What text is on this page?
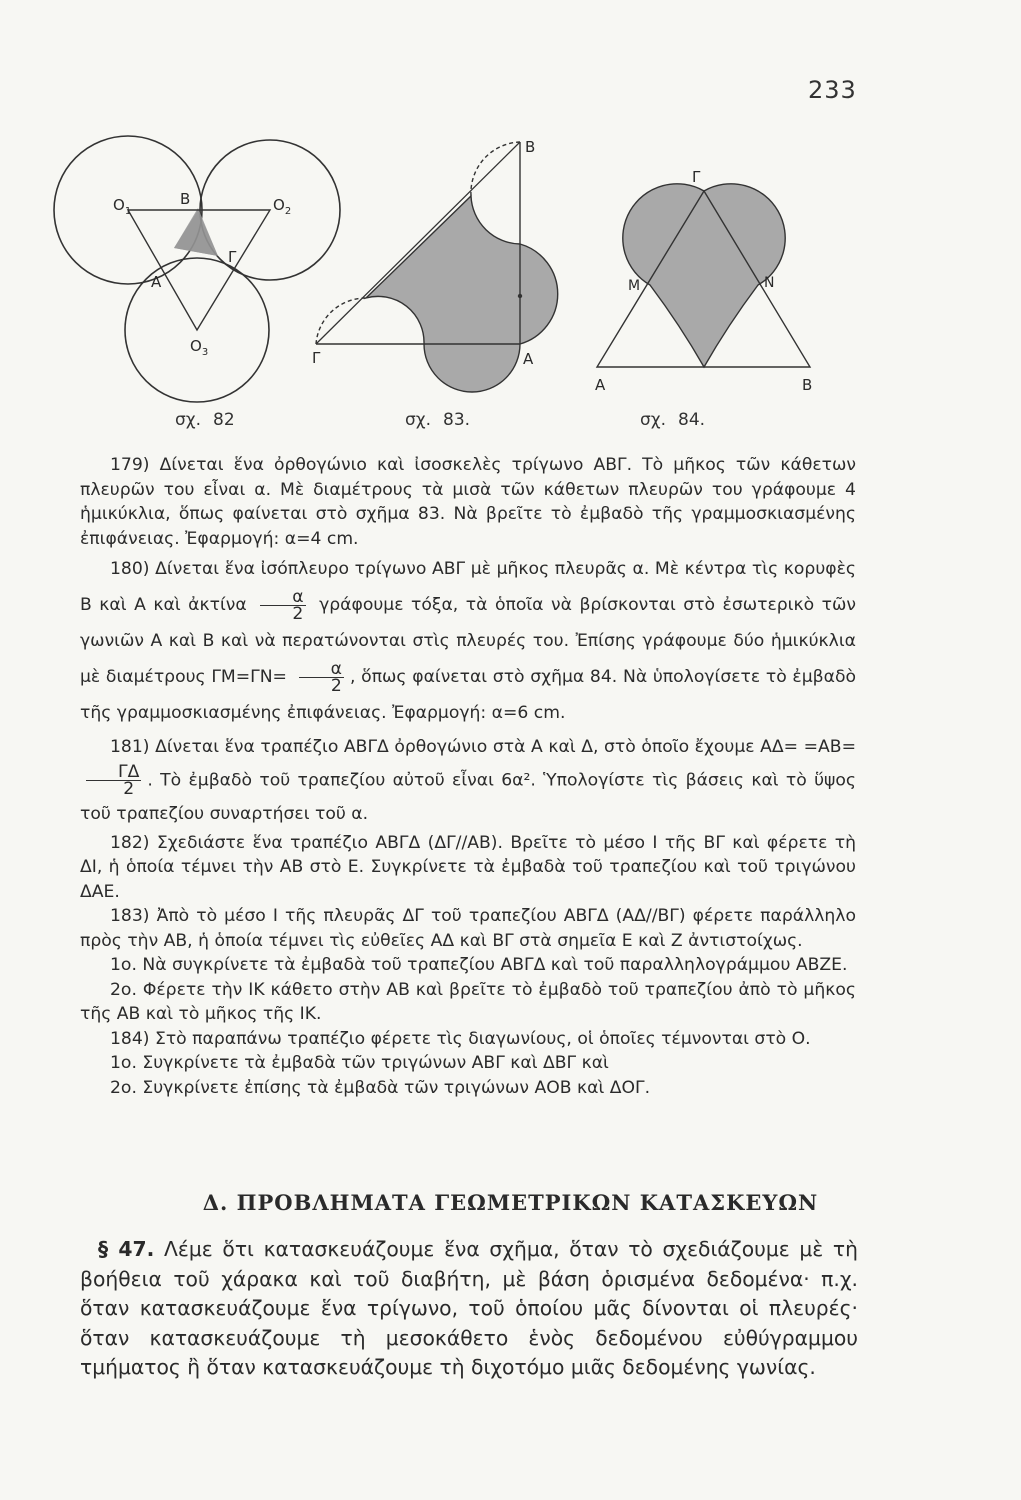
233
$O_1$	$O_2$
$O_3$
A
B
Γ
σχ. 82
B
Γ	A
σχ. 83.
Γ
M	N
A	B
σχ. 84.

179) Δίνεται ἕνα ὀρθογώνιο καὶ ἰσοσκελὲς τρίγωνο ΑΒΓ. Τὸ μῆκος τῶν κάθετων πλευρῶν του εἶναι α. Μὲ διαμέτρους τὰ μισὰ τῶν κάθετων πλευρῶν του γράφουμε 4 ἡμικύκλια, ὅπως φαίνεται στὸ σχῆμα 83. Νὰ βρεῖτε τὸ ἐμβαδὸ τῆς γραμμοσκιασμένης ἐπιφάνειας. Ἐφαρμογή: α=4 cm.

180) Δίνεται ἕνα ἰσόπλευρο τρίγωνο ΑΒΓ μὲ μῆκος πλευρᾶς α. Μὲ κέντρα τὶς κορυφὲς Β καὶ Α καὶ ἀκτίνα $\frac{\alpha}{2}$ γράφουμε τόξα, τὰ ὁποῖα νὰ βρίσκονται στὸ ἐσωτερικὸ τῶν γωνιῶν Α καὶ Β καὶ νὰ περατώνονται στὶς πλευρές του. Ἐπίσης γράφουμε δύο ἡμικύκλια μὲ διαμέτρους $\Gamma M=\Gamma N= \frac{\alpha}{2}$ , ὅπως φαίνεται στὸ σχῆμα 84. Νὰ ὑπολογίσετε τὸ ἐμβαδὸ τῆς γραμμοσκιασμένης ἐπιφάνειας. Ἐφαρμογή: α=6 cm.

181) Δίνεται ἕνα τραπέζιο ΑΒΓΔ ὀρθογώνιο στὰ Α καὶ Δ, στὸ ὁποῖο ἔχουμε ΑΔ= =ΑΒ=
$\frac{\Gamma\Delta}{2}$ . Τὸ ἐμβαδὸ τοῦ τραπεζίου αὐτοῦ εἶναι 6α². Ὑπολογίστε τὶς βάσεις καὶ τὸ ὕψος τοῦ τραπεζίου συναρτήσει τοῦ α.

182) Σχεδιάστε ἕνα τραπέζιο ΑΒΓΔ (ΔΓ//ΑΒ). Βρεῖτε τὸ μέσο Ι τῆς ΒΓ καὶ φέρετε τὴ ΔΙ, ἡ ὁποία τέμνει τὴν ΑΒ στὸ Ε. Συγκρίνετε τὰ ἐμβαδὰ τοῦ τραπεζίου καὶ τοῦ τριγώνου ΔΑΕ.

183) Ἀπὸ τὸ μέσο Ι τῆς πλευρᾶς ΔΓ τοῦ τραπεζίου ΑΒΓΔ (ΑΔ//ΒΓ) φέρετε παράλληλο πρὸς τὴν ΑΒ, ἡ ὁποία τέμνει τὶς εὐθεῖες ΑΔ καὶ ΒΓ στὰ σημεῖα Ε καὶ Ζ ἀντιστοίχως.

1ο. Νὰ συγκρίνετε τὰ ἐμβαδὰ τοῦ τραπεζίου ΑΒΓΔ καὶ τοῦ παραλληλογράμμου ΑΒΖΕ.

2ο. Φέρετε τὴν ΙΚ κάθετο στὴν ΑΒ καὶ βρεῖτε τὸ ἐμβαδὸ τοῦ τραπεζίου ἀπὸ τὸ μῆκος τῆς ΑΒ καὶ τὸ μῆκος τῆς ΙΚ.

184) Στὸ παραπάνω τραπέζιο φέρετε τὶς διαγωνίους, οἱ ὁποῖες τέμνονται στὸ Ο.

1ο. Συγκρίνετε τὰ ἐμβαδὰ τῶν τριγώνων ΑΒΓ καὶ ΔΒΓ καὶ

2ο. Συγκρίνετε ἐπίσης τὰ ἐμβαδὰ τῶν τριγώνων ΑΟΒ καὶ ΔΟΓ.

Δ. ΠΡΟΒΛΗΜΑΤΑ ΓΕΩΜΕΤΡΙΚΩΝ ΚΑΤΑΣΚΕΥΩΝ
§ 47. Λέμε ὅτι κατασκευάζουμε ἕνα σχῆμα, ὅταν τὸ σχεδιάζουμε μὲ τὴ βοήθεια τοῦ χάρακα καὶ τοῦ διαβήτη, μὲ βάση ὁρισμένα δεδομένα· π.χ. ὅταν κατασκευάζουμε ἕνα τρίγωνο, τοῦ ὁποίου μᾶς δίνονται οἱ πλευρές· ὅταν κατασκευάζουμε τὴ μεσοκάθετο ἑνὸς δεδομένου εὐθύγραμμου τμήματος ἢ ὅταν κατασκευάζουμε τὴ διχοτόμο μιᾶς δεδομένης γωνίας.
